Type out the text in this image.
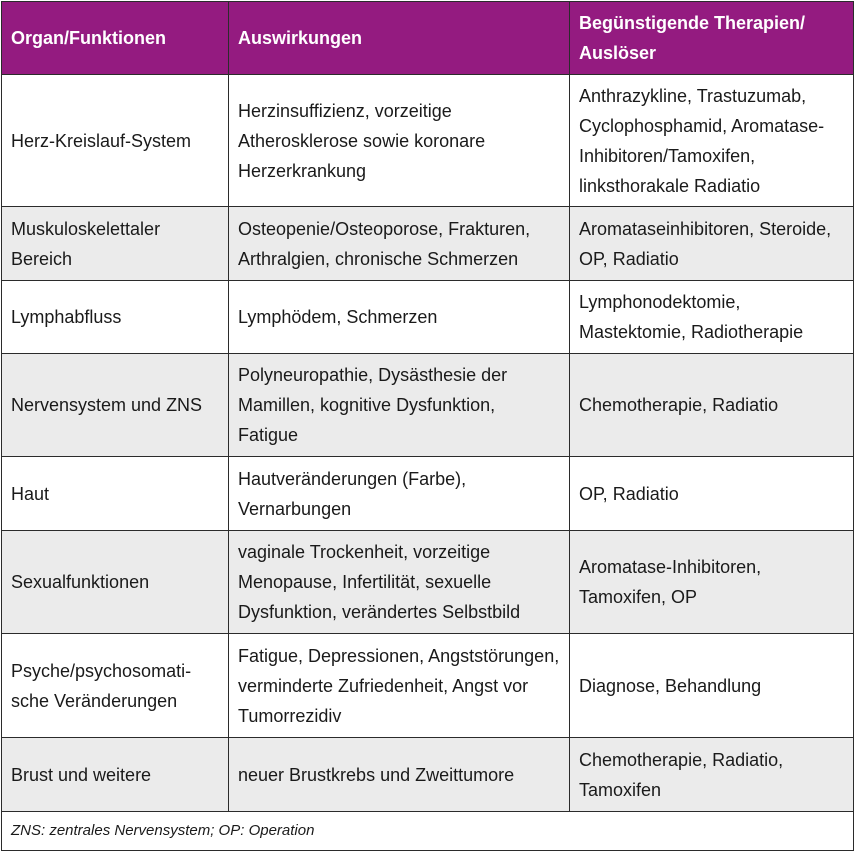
Organ/Funktionen	Auswirkungen	Begünstigende Therapien/ Auslöser
Herz-Kreislauf-System	Herzinsuffizienz, vorzeitige Atherosklerose sowie koronare Herzerkrankung	Anthrazykline, Trastuzumab, Cyclophosphamid, Aromatase-Inhibitoren/Tamoxifen, linksthorakale Radiatio
Muskuloskelettaler Bereich	Osteopenie/Osteoporose, Frakturen, Arthralgien, chronische Schmerzen	Aromataseinhibitoren, Steroide, OP, Radiatio
Lymphabfluss	Lymphödem, Schmerzen	Lymphonodektomie, Mastektomie, Radiotherapie
Nervensystem und ZNS	Polyneuropathie, Dysästhesie der Mamillen, kognitive Dysfunktion, Fatigue	Chemotherapie, Radiatio
Haut	Hautveränderungen (Farbe), Vernarbungen	OP, Radiatio
Sexualfunktionen	vaginale Trockenheit, vorzeitige Menopause, Infertilität, sexuelle Dysfunktion, verändertes Selbstbild	Aromatase-Inhibitoren, Tamoxifen, OP
Psyche/psychosomatische Veränderungen	Fatigue, Depressionen, Angststörungen, verminderte Zufriedenheit, Angst vor Tumorrezidiv	Diagnose, Behandlung
Brust und weitere	neuer Brustkrebs und Zweittumore	Chemotherapie, Radiatio, Tamoxifen
ZNS: zentrales Nervensystem; OP: Operation		
